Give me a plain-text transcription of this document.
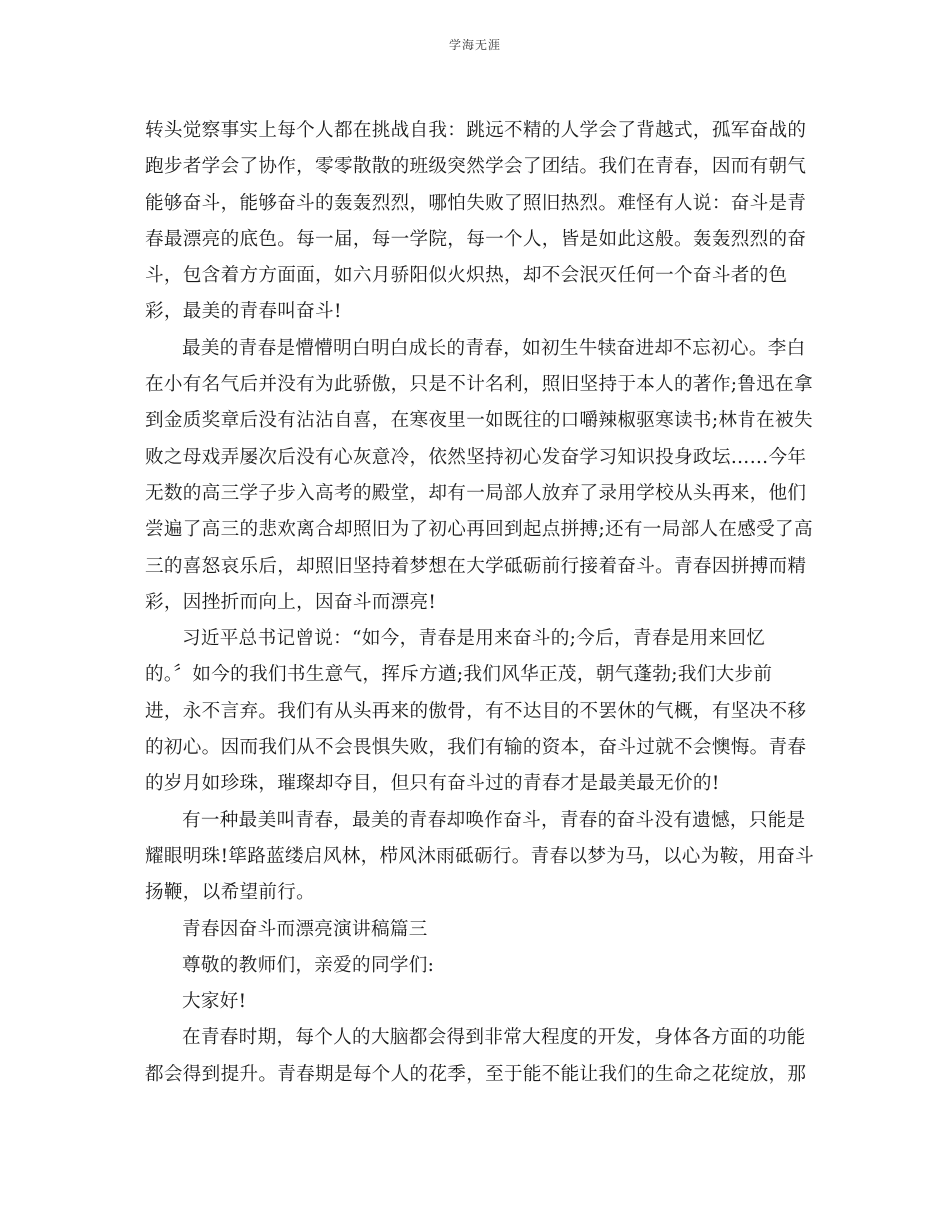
学海无涯

转头觉察事实上每个人都在挑战自我：跳远不精的人学会了背越式，孤军奋战的
跑步者学会了协作，零零散散的班级突然学会了团结。我们在青春，因而有朝气
能够奋斗，能够奋斗的轰轰烈烈，哪怕失败了照旧热烈。难怪有人说：奋斗是青
春最漂亮的底色。每一届，每一学院，每一个人，皆是如此这般。轰轰烈烈的奋
斗，包含着方方面面，如六月骄阳似火炽热，却不会泯灭任何一个奋斗者的色
彩，最美的青春叫奋斗!

最美的青春是懵懵明白明白成长的青春，如初生牛犊奋进却不忘初心。李白
在小有名气后并没有为此骄傲，只是不计名利，照旧坚持于本人的著作;鲁迅在拿
到金质奖章后没有沾沾自喜，在寒夜里一如既往的口嚼辣椒驱寒读书;林肯在被失
败之母戏弄屡次后没有心灰意冷，依然坚持初心发奋学习知识投身政坛……今年
无数的高三学子步入高考的殿堂，却有一局部人放弃了录用学校从头再来，他们
尝遍了高三的悲欢离合却照旧为了初心再回到起点拼搏;还有一局部人在感受了高
三的喜怒哀乐后，却照旧坚持着梦想在大学砥砺前行接着奋斗。青春因拼搏而精
彩，因挫折而向上，因奋斗而漂亮!

习近平总书记曾说：“如今，青春是用来奋斗的;今后，青春是用来回忆
的。〞如今的我们书生意气，挥斥方遒;我们风华正茂，朝气蓬勃;我们大步前
进，永不言弃。我们有从头再来的傲骨，有不达目的不罢休的气概，有坚决不移
的初心。因而我们从不会畏惧失败，我们有输的资本，奋斗过就不会懊悔。青春
的岁月如珍珠，璀璨却夺目，但只有奋斗过的青春才是最美最无价的!

有一种最美叫青春，最美的青春却唤作奋斗，青春的奋斗没有遗憾，只能是
耀眼明珠!筚路蓝缕启风林，栉风沐雨砥砺行。青春以梦为马，以心为鞍，用奋斗
扬鞭，以希望前行。

青春因奋斗而漂亮演讲稿篇三

尊敬的教师们，亲爱的同学们:

大家好!

在青春时期，每个人的大脑都会得到非常大程度的开发，身体各方面的功能
都会得到提升。青春期是每个人的花季，至于能不能让我们的生命之花绽放，那
